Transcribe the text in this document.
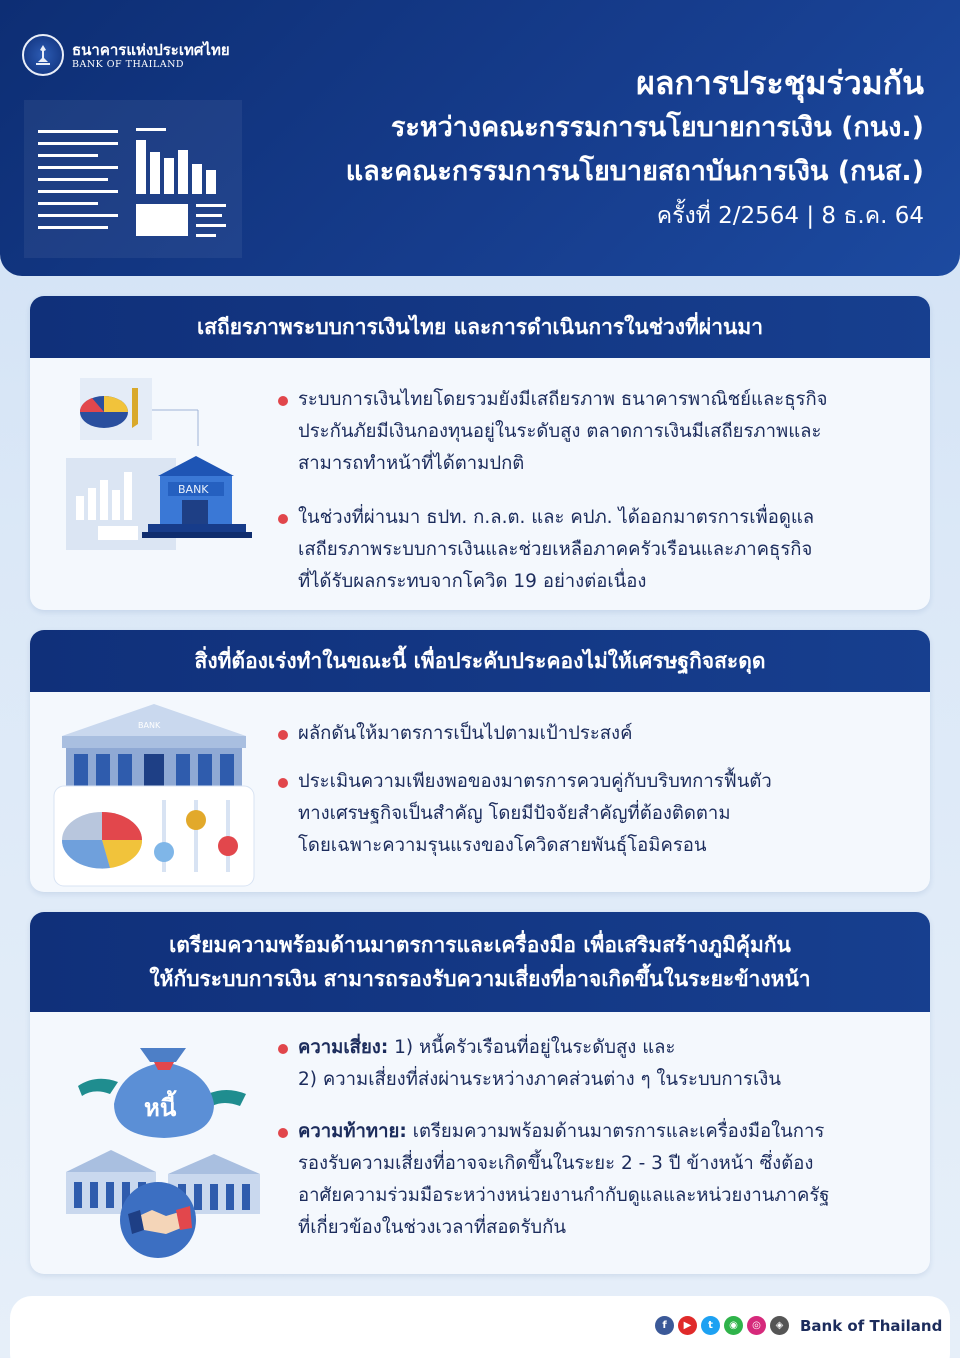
ธนาคารแห่งประเทศไทย
BANK OF THAILAND	ผลการประชุมร่วมกัน
ระหว่างคณะกรรมการนโยบายการเงิน (กนง.)
และคณะกรรมการนโยบายสถาบันการเงิน (กนส.)
ครั้งที่ 2/2564 | 8 ธ.ค. 64
เสถียรภาพระบบการเงินไทย และการดำเนินการในช่วงที่ผ่านมา
BANK
ระบบการเงินไทยโดยรวมยังมีเสถียรภาพ ธนาคารพาณิชย์และธุรกิจ
ประกันภัยมีเงินกองทุนอยู่ในระดับสูง ตลาดการเงินมีเสถียรภาพและ
สามารถทำหน้าที่ได้ตามปกติ
ในช่วงที่ผ่านมา ธปท. ก.ล.ต. และ คปภ. ได้ออกมาตรการเพื่อดูแล
เสถียรภาพระบบการเงินและช่วยเหลือภาคครัวเรือนและภาคธุรกิจ
ที่ได้รับผลกระทบจากโควิด 19 อย่างต่อเนื่อง
สิ่งที่ต้องเร่งทำในขณะนี้ เพื่อประคับประคองไม่ให้เศรษฐกิจสะดุด
BANK	ผลักดันให้มาตรการเป็นไปตามเป้าประสงค์
ประเมินความเพียงพอของมาตรการควบคู่กับบริบทการฟื้นตัว
ทางเศรษฐกิจเป็นสำคัญ โดยมีปัจจัยสำคัญที่ต้องติดตาม
โดยเฉพาะความรุนแรงของโควิดสายพันธุ์โอมิครอน
เตรียมความพร้อมด้านมาตรการและเครื่องมือ เพื่อเสริมสร้างภูมิคุ้มกัน
ให้กับระบบการเงิน สามารถรองรับความเสี่ยงที่อาจเกิดขึ้นในระยะข้างหน้า
หนี้
ความเสี่ยง: 1) หนี้ครัวเรือนที่อยู่ในระดับสูง และ
2) ความเสี่ยงที่ส่งผ่านระหว่างภาคส่วนต่าง ๆ ในระบบการเงิน
ความท้าทาย: เตรียมความพร้อมด้านมาตรการและเครื่องมือในการ
รองรับความเสี่ยงที่อาจจะเกิดขึ้นในระยะ 2 - 3 ปี ข้างหน้า ซึ่งต้อง
อาศัยความร่วมมือระหว่างหน่วยงานกำกับดูแลและหน่วยงานภาครัฐ
ที่เกี่ยวข้องในช่วงเวลาที่สอดรับกัน
f	▶	t	◉	◎	◈	Bank of Thailand
